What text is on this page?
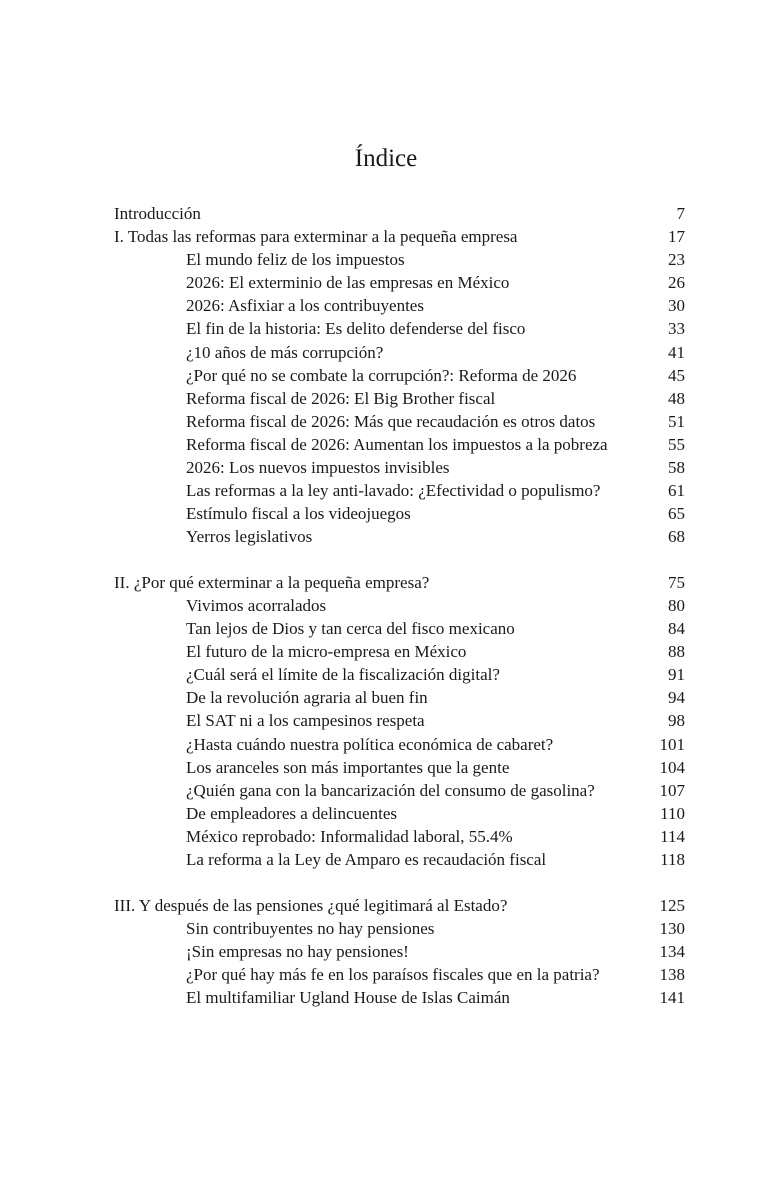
Índice
Introducción	7
I. Todas las reformas para exterminar a la pequeña empresa	17
El mundo feliz de los impuestos	23
2026: El exterminio de las empresas en México	26
2026: Asfixiar a los contribuyentes	30
El fin de la historia: Es delito defenderse del fisco	33
¿10 años de más corrupción?	41
¿Por qué no se combate la corrupción?: Reforma de 2026	45
Reforma fiscal de 2026: El Big Brother fiscal	48
Reforma fiscal de 2026: Más que recaudación es otros datos	51
Reforma fiscal de 2026: Aumentan los impuestos a la pobreza	55
2026: Los nuevos impuestos invisibles	58
Las reformas a la ley anti-lavado: ¿Efectividad o populismo?	61
Estímulo fiscal a los videojuegos	65
Yerros legislativos	68
II. ¿Por qué exterminar a la pequeña empresa?	75
Vivimos acorralados	80
Tan lejos de Dios y tan cerca del fisco mexicano	84
El futuro de la micro-empresa en México	88
¿Cuál será el límite de la fiscalización digital?	91
De la revolución agraria al buen fin	94
El SAT ni a los campesinos respeta	98
¿Hasta cuándo nuestra política económica de cabaret?	101
Los aranceles son más importantes que la gente	104
¿Quién gana con la bancarización del consumo de gasolina?	107
De empleadores a delincuentes	110
México reprobado: Informalidad laboral, 55.4%	114
La reforma a la Ley de Amparo es recaudación fiscal	118
III. Y después de las pensiones ¿qué legitimará al Estado?	125
Sin contribuyentes no hay pensiones	130
¡Sin empresas no hay pensiones!	134
¿Por qué hay más fe en los paraísos fiscales que en la patria?	138
El multifamiliar Ugland House de Islas Caimán	141
